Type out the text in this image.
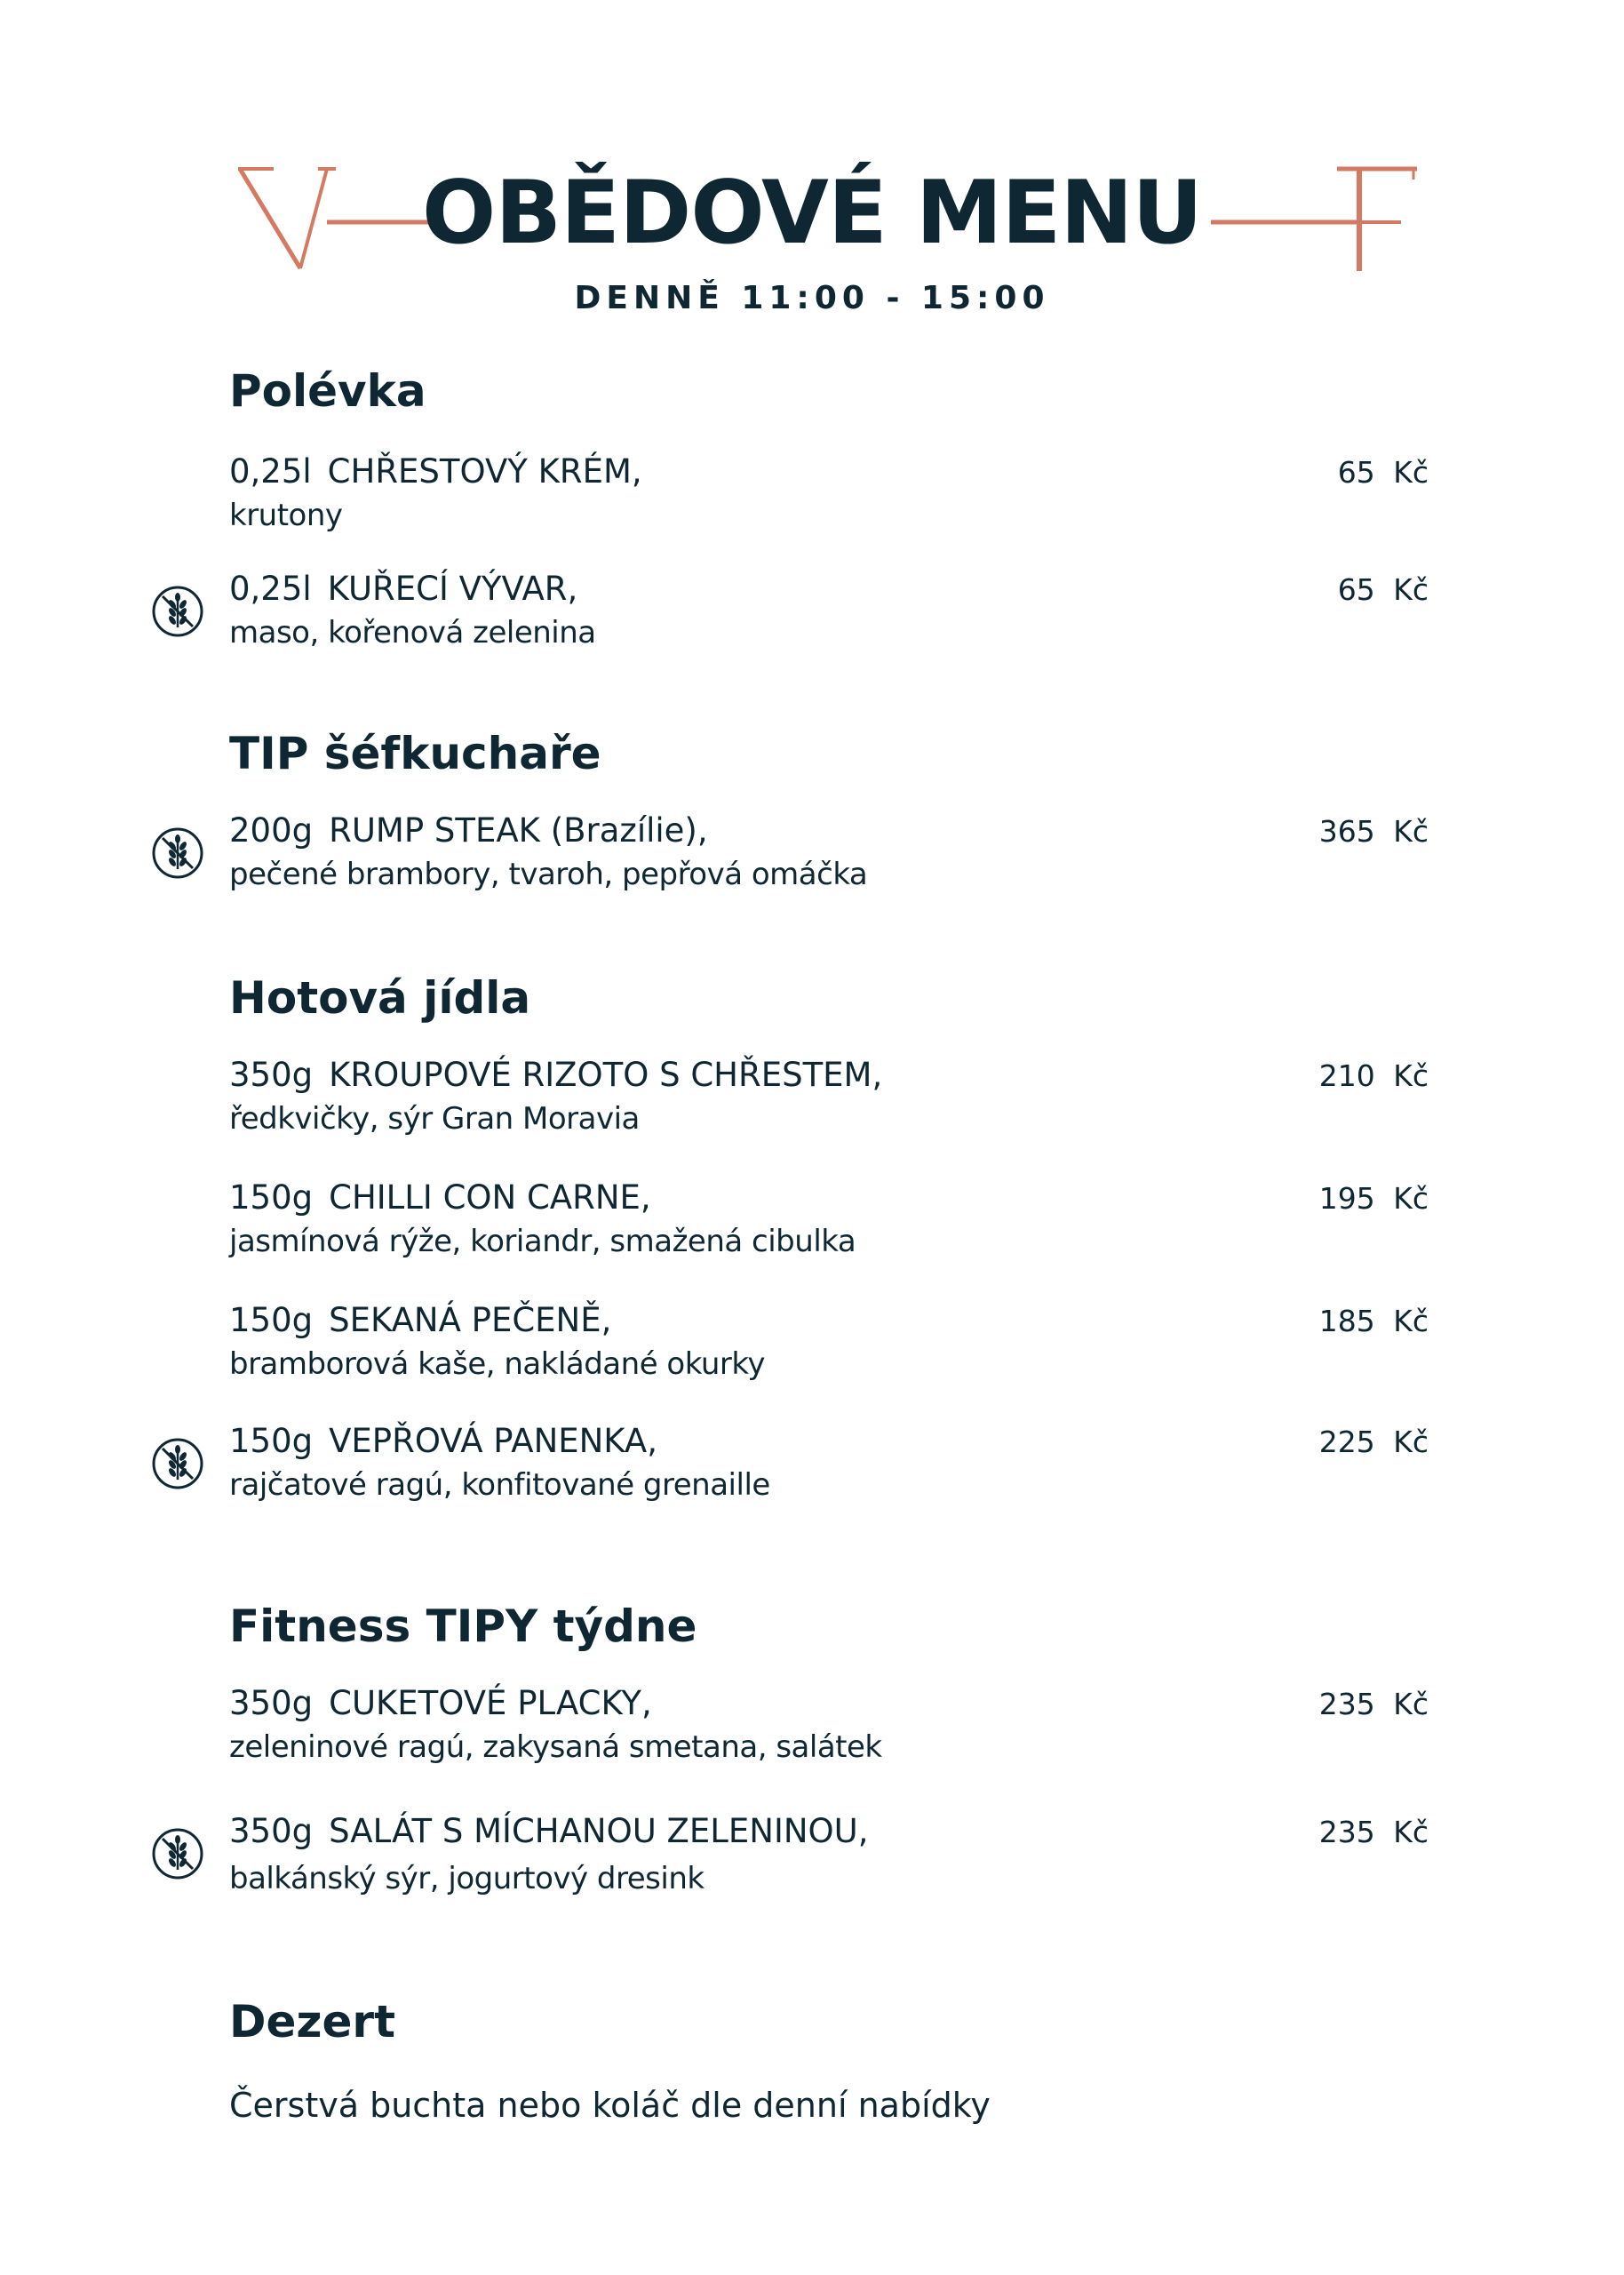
OBĚDOVÉ MENU
DENNĚ 11:00 - 15:00
Polévka
0,25l CHŘESTOVÝ KRÉM,
krutony
65 Kč
0,25l KUŘECÍ VÝVAR,
maso, kořenová zelenina
65 Kč
TIP šéfkuchaře
200g RUMP STEAK (Brazílie),
pečené brambory, tvaroh, pepřová omáčka
365 Kč
Hotová jídla
350g KROUPOVÉ RIZOTO S CHŘESTEM,
ředkvičky, sýr Gran Moravia
210 Kč
150g CHILLI CON CARNE,
jasmínová rýže, koriandr, smažená cibulka
195 Kč
150g SEKANÁ PEČENĚ,
bramborová kaše, nakládané okurky
185 Kč
150g VEPŘOVÁ PANENKA,
rajčatové ragú, konfitované grenaille
225 Kč
Fitness TIPY týdne
350g CUKETOVÉ PLACKY,
zeleninové ragú, zakysaná smetana, salátek
235 Kč
350g SALÁT S MÍCHANOU ZELENINOU,
balkánský sýr, jogurtový dresink
235 Kč
Dezert
Čerstvá buchta nebo koláč dle denní nabídky
